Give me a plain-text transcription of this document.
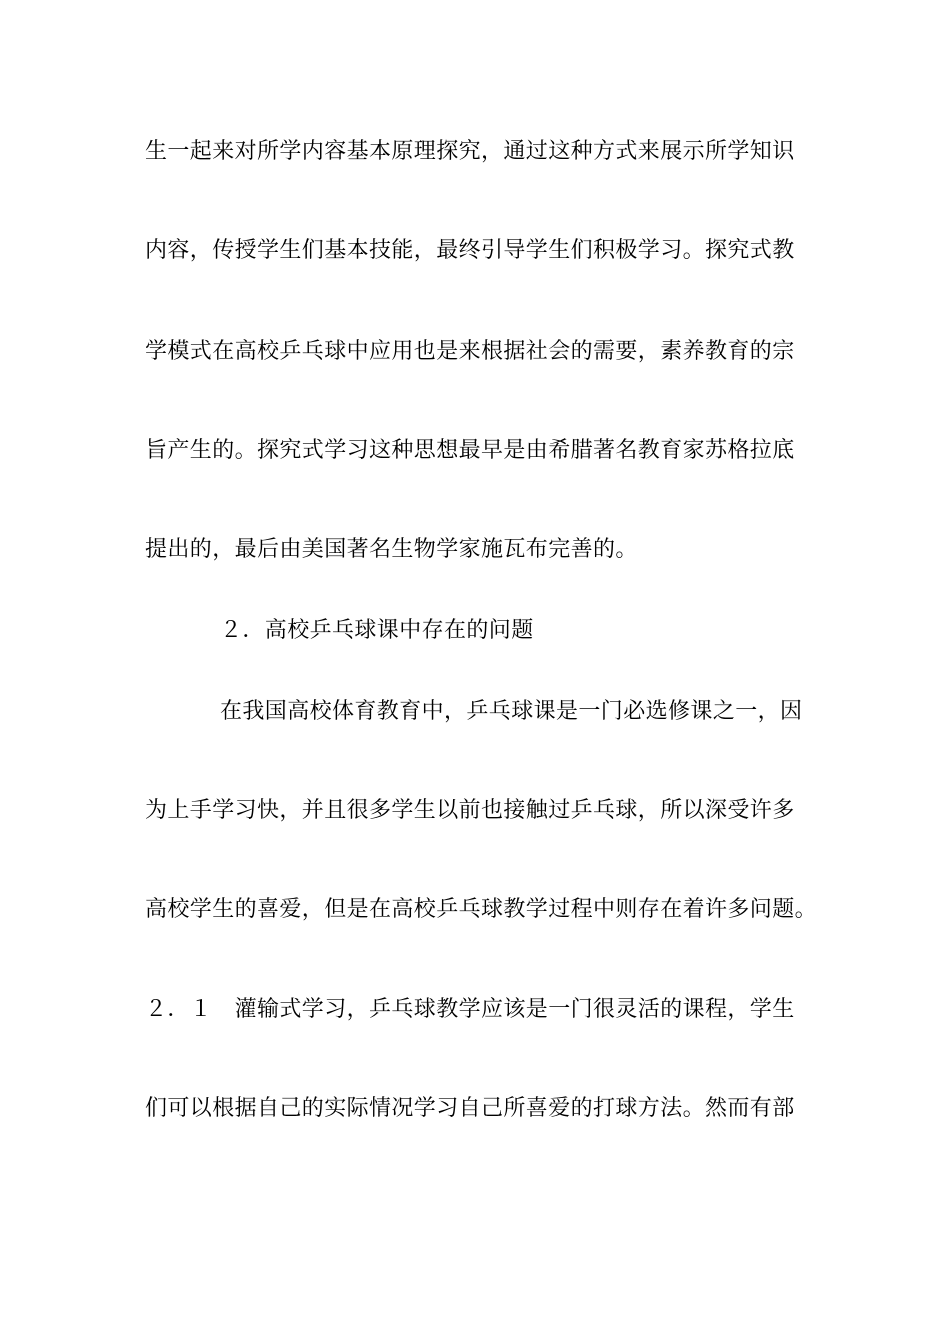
生一起来对所学内容基本原理探究，通过这种方式来展示所学知识
内容，传授学生们基本技能，最终引导学生们积极学习。探究式教
学模式在高校乒乓球中应用也是来根据社会的需要，素养教育的宗
旨产生的。探究式学习这种思想最早是由希腊著名教育家苏格拉底
提出的，最后由美国著名生物学家施瓦布完善的。
２．高校乒乓球课中存在的问题
在我国高校体育教育中，乒乓球课是一门必选修课之一，因
为上手学习快，并且很多学生以前也接触过乒乓球，所以深受许多
高校学生的喜爱，但是在高校乒乓球教学过程中则存在着许多问题。
２．１　灌输式学习，乒乓球教学应该是一门很灵活的课程，学生
们可以根据自己的实际情况学习自己所喜爱的打球方法。然而有部
